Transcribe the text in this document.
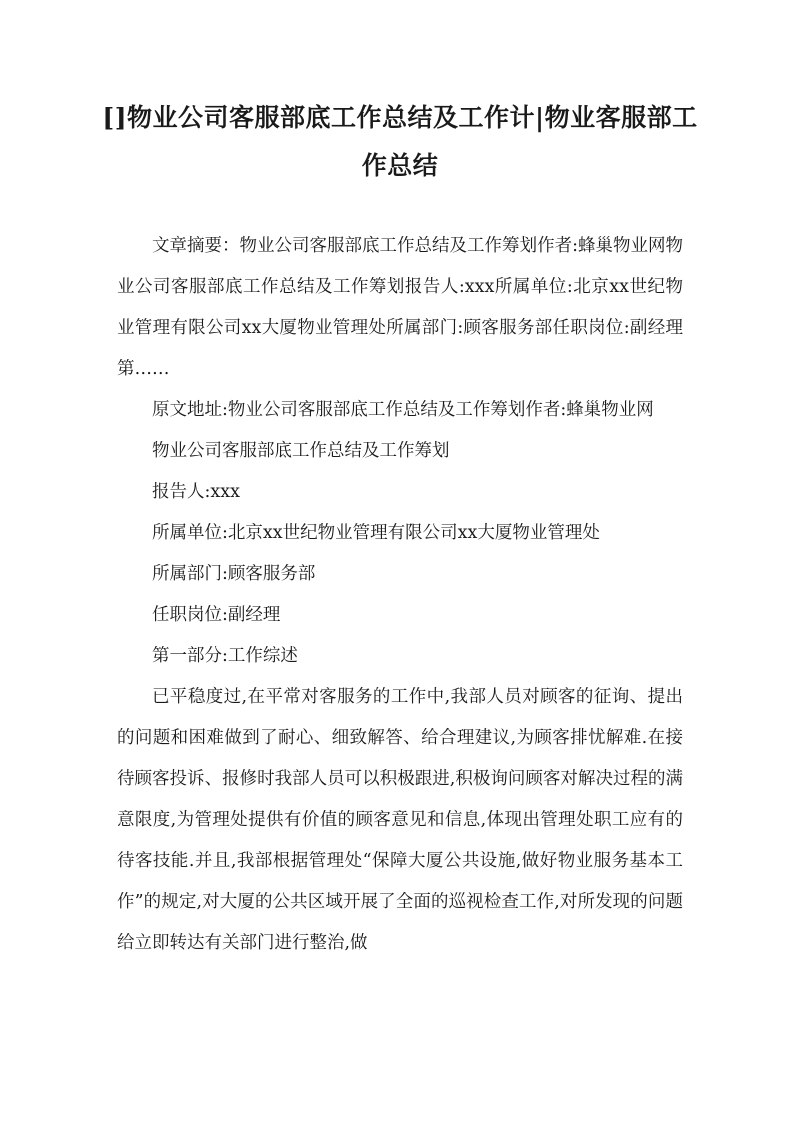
[]物业公司客服部底工作总结及工作计|物业客服部工作总结

文章摘要：物业公司客服部底工作总结及工作筹划作者:蜂巢物业网物业公司客服部底工作总结及工作筹划报告人:xxx所属单位:北京xx世纪物业管理有限公司xx大厦物业管理处所属部门:顾客服务部任职岗位:副经理第……

原文地址:物业公司客服部底工作总结及工作筹划作者:蜂巢物业网

物业公司客服部底工作总结及工作筹划

报告人:xxx

所属单位:北京xx世纪物业管理有限公司xx大厦物业管理处

所属部门:顾客服务部

任职岗位:副经理

第一部分:工作综述

已平稳度过,在平常对客服务的工作中,我部人员对顾客的征询、提出的问题和困难做到了耐心、细致解答、给合理建议,为顾客排忧解难.在接待顾客投诉、报修时我部人员可以积极跟进,积极询问顾客对解决过程的满意限度,为管理处提供有价值的顾客意见和信息,体现出管理处职工应有的待客技能.并且,我部根据管理处“保障大厦公共设施,做好物业服务基本工作”的规定,对大厦的公共区域开展了全面的巡视检查工作,对所发现的问题给立即转达有关部门进行整治,做
